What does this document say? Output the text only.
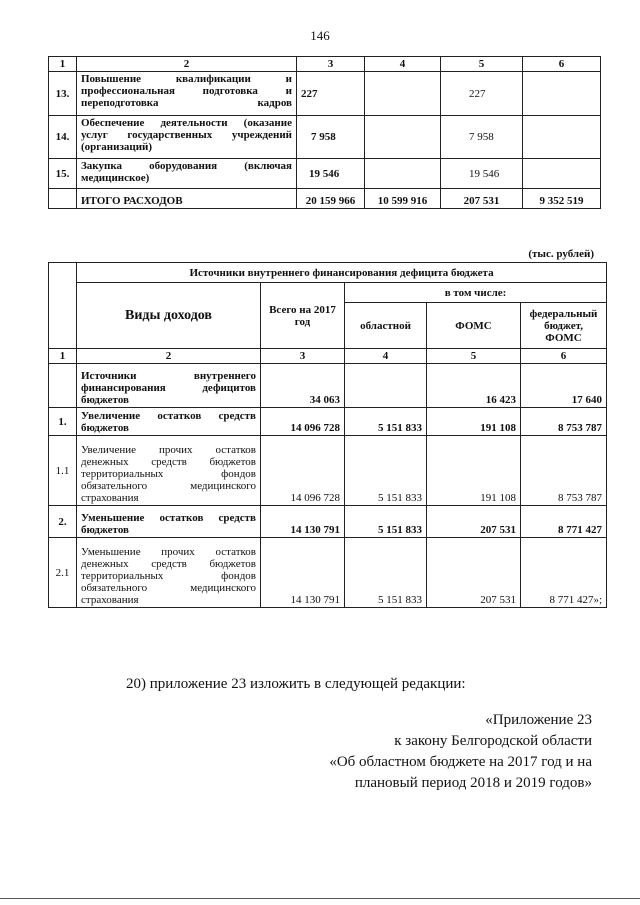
146
1	2	3	4	5	6
13.	Повышение квалификации и профессиональная подготовка и переподготовка кадров	227		227	
14.	Обеспечение деятельности (оказание услуг государственных учреждений (организаций)	7 958		7 958	
15.	Закупка оборудования (включая медицинское)	19 546		19 546	
	ИТОГО РАСХОДОВ	20 159 966	10 599 916	207 531	9 352 519
(тыс. рублей)
	Источники внутреннего финансирования дефицита бюджета				
	Виды доходов	Всего на 2017 год	в том числе:		
			областной	ФОМС	федеральный бюджет, ФОМС
1	2	3	4	5	6
	Источники внутреннего финансирования дефицитов бюджетов	34 063		16 423	17 640
1.	Увеличение остатков средств бюджетов	14 096 728	5 151 833	191 108	8 753 787
1.1	Увеличение прочих остатков денежных средств бюджетов территориальных фондов обязательного медицинского страхования	14 096 728	5 151 833	191 108	8 753 787
2.	Уменьшение остатков средств бюджетов	14 130 791	5 151 833	207 531	8 771 427
2.1	Уменьшение прочих остатков денежных средств бюджетов территориальных фондов обязательного медицинского страхования	14 130 791	5 151 833	207 531	8 771 427»;
20) приложение 23 изложить в следующей редакции:
«Приложение 23
к закону Белгородской области
«Об областном бюджете на 2017 год и на
плановый период 2018 и 2019 годов»
